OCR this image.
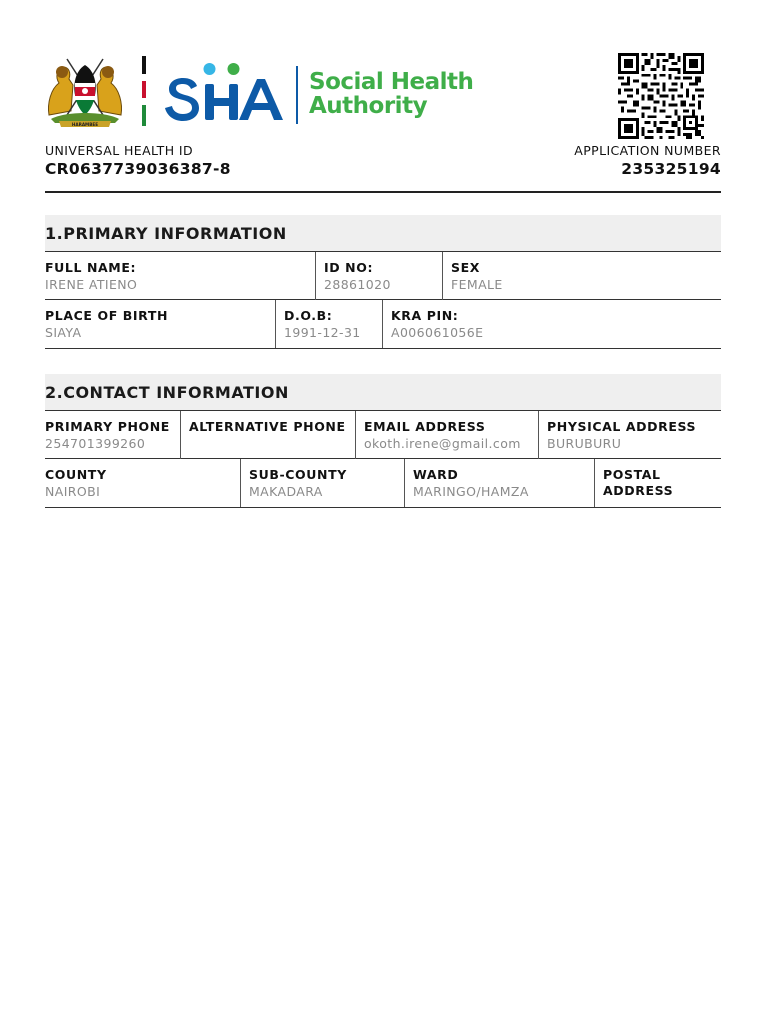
HARAMBEE
Social Health
Authority
UNIVERSAL HEALTH ID
CR0637739036387-8
APPLICATION NUMBER
235325194
1.PRIMARY INFORMATION
FULL NAME:
IRENE ATIENO
ID NO:
28861020
SEX
FEMALE
PLACE OF BIRTH
SIAYA
D.O.B:
1991-12-31
KRA PIN:
A006061056E
2.CONTACT INFORMATION
PRIMARY PHONE
254701399260
ALTERNATIVE PHONE	EMAIL ADDRESS
okoth.irene@gmail.com
PHYSICAL ADDRESS
BURUBURU
COUNTY
NAIROBI
SUB-COUNTY
MAKADARA
WARD
MARINGO/HAMZA
POSTAL
ADDRESS
